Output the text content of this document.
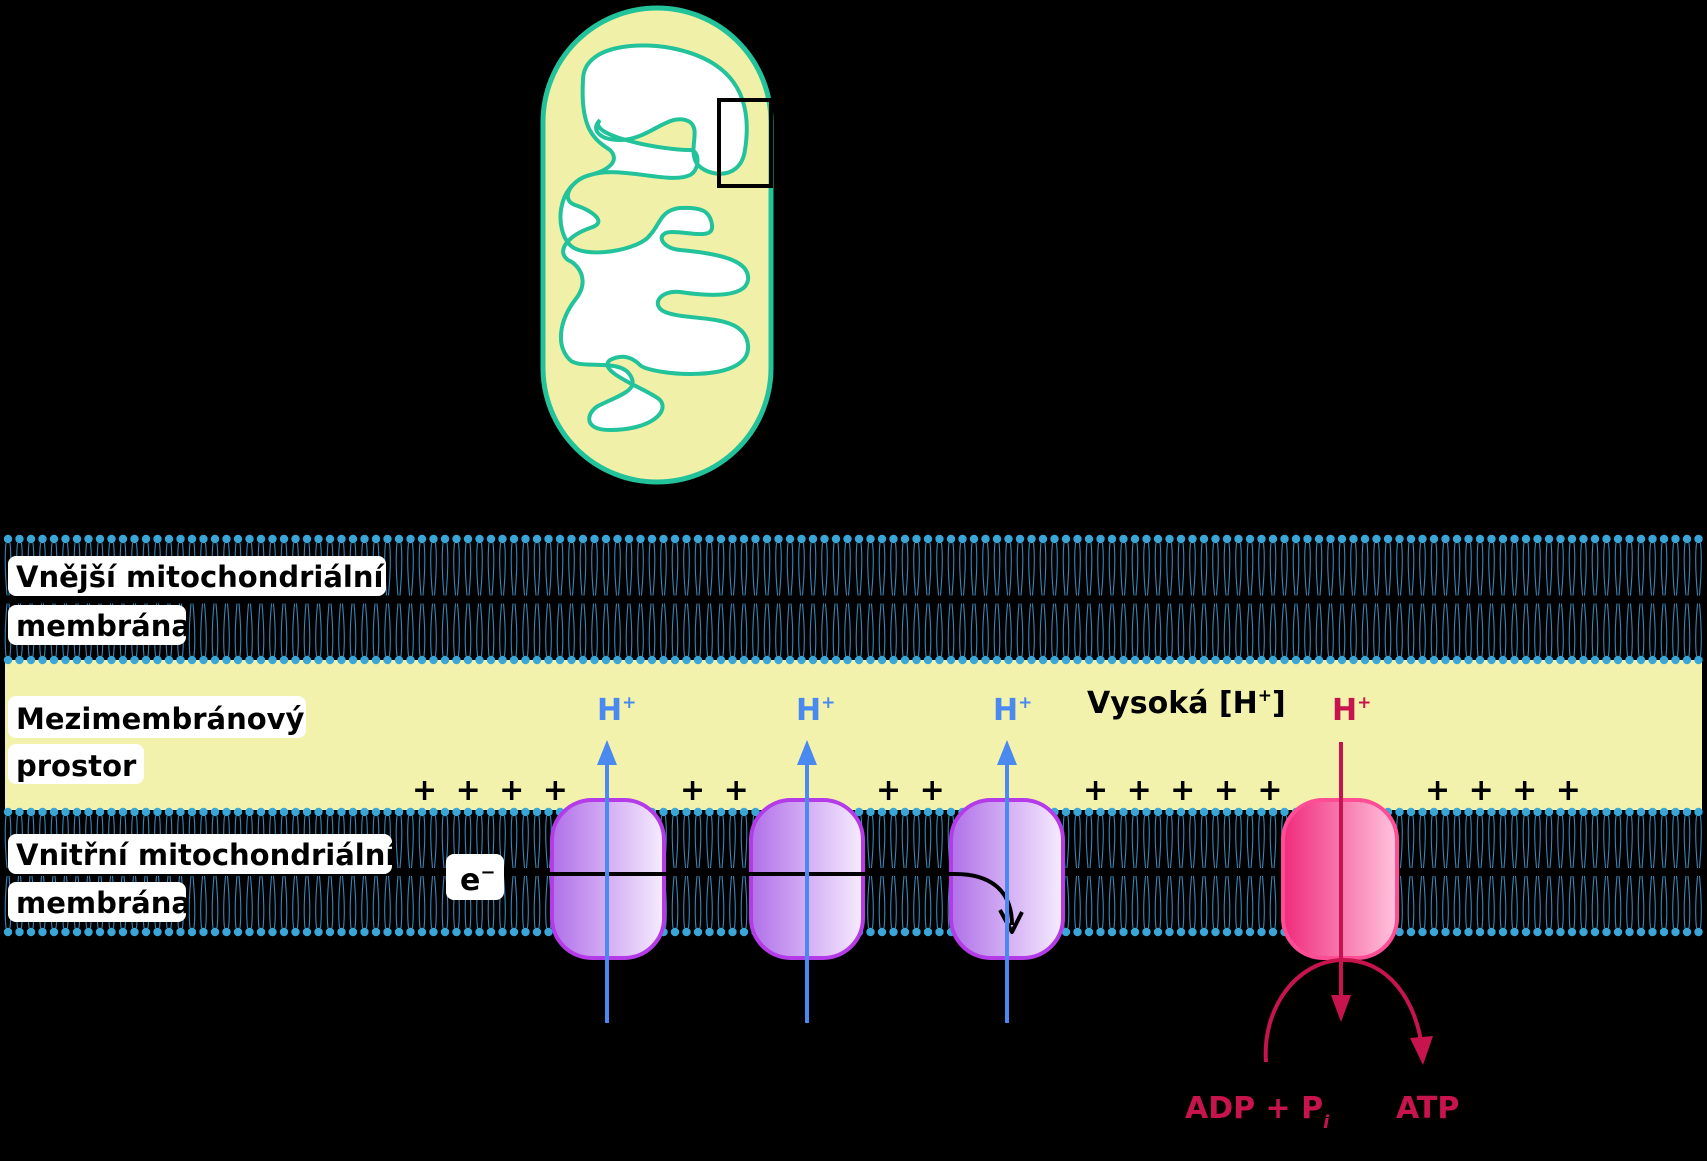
Vnější mitochondriální
membrána
Mezimembránový
prostor
Vnitřní mitochondriální
membrána
Vysoká [H+]
+ + + +	+ +	+ +	+ + + + +	+ + + +
e−
H+	H+	H+	H+
Nízká [H+]
1/2 $O_2$	$H_2O$	ADP + $P_i$ ATP
